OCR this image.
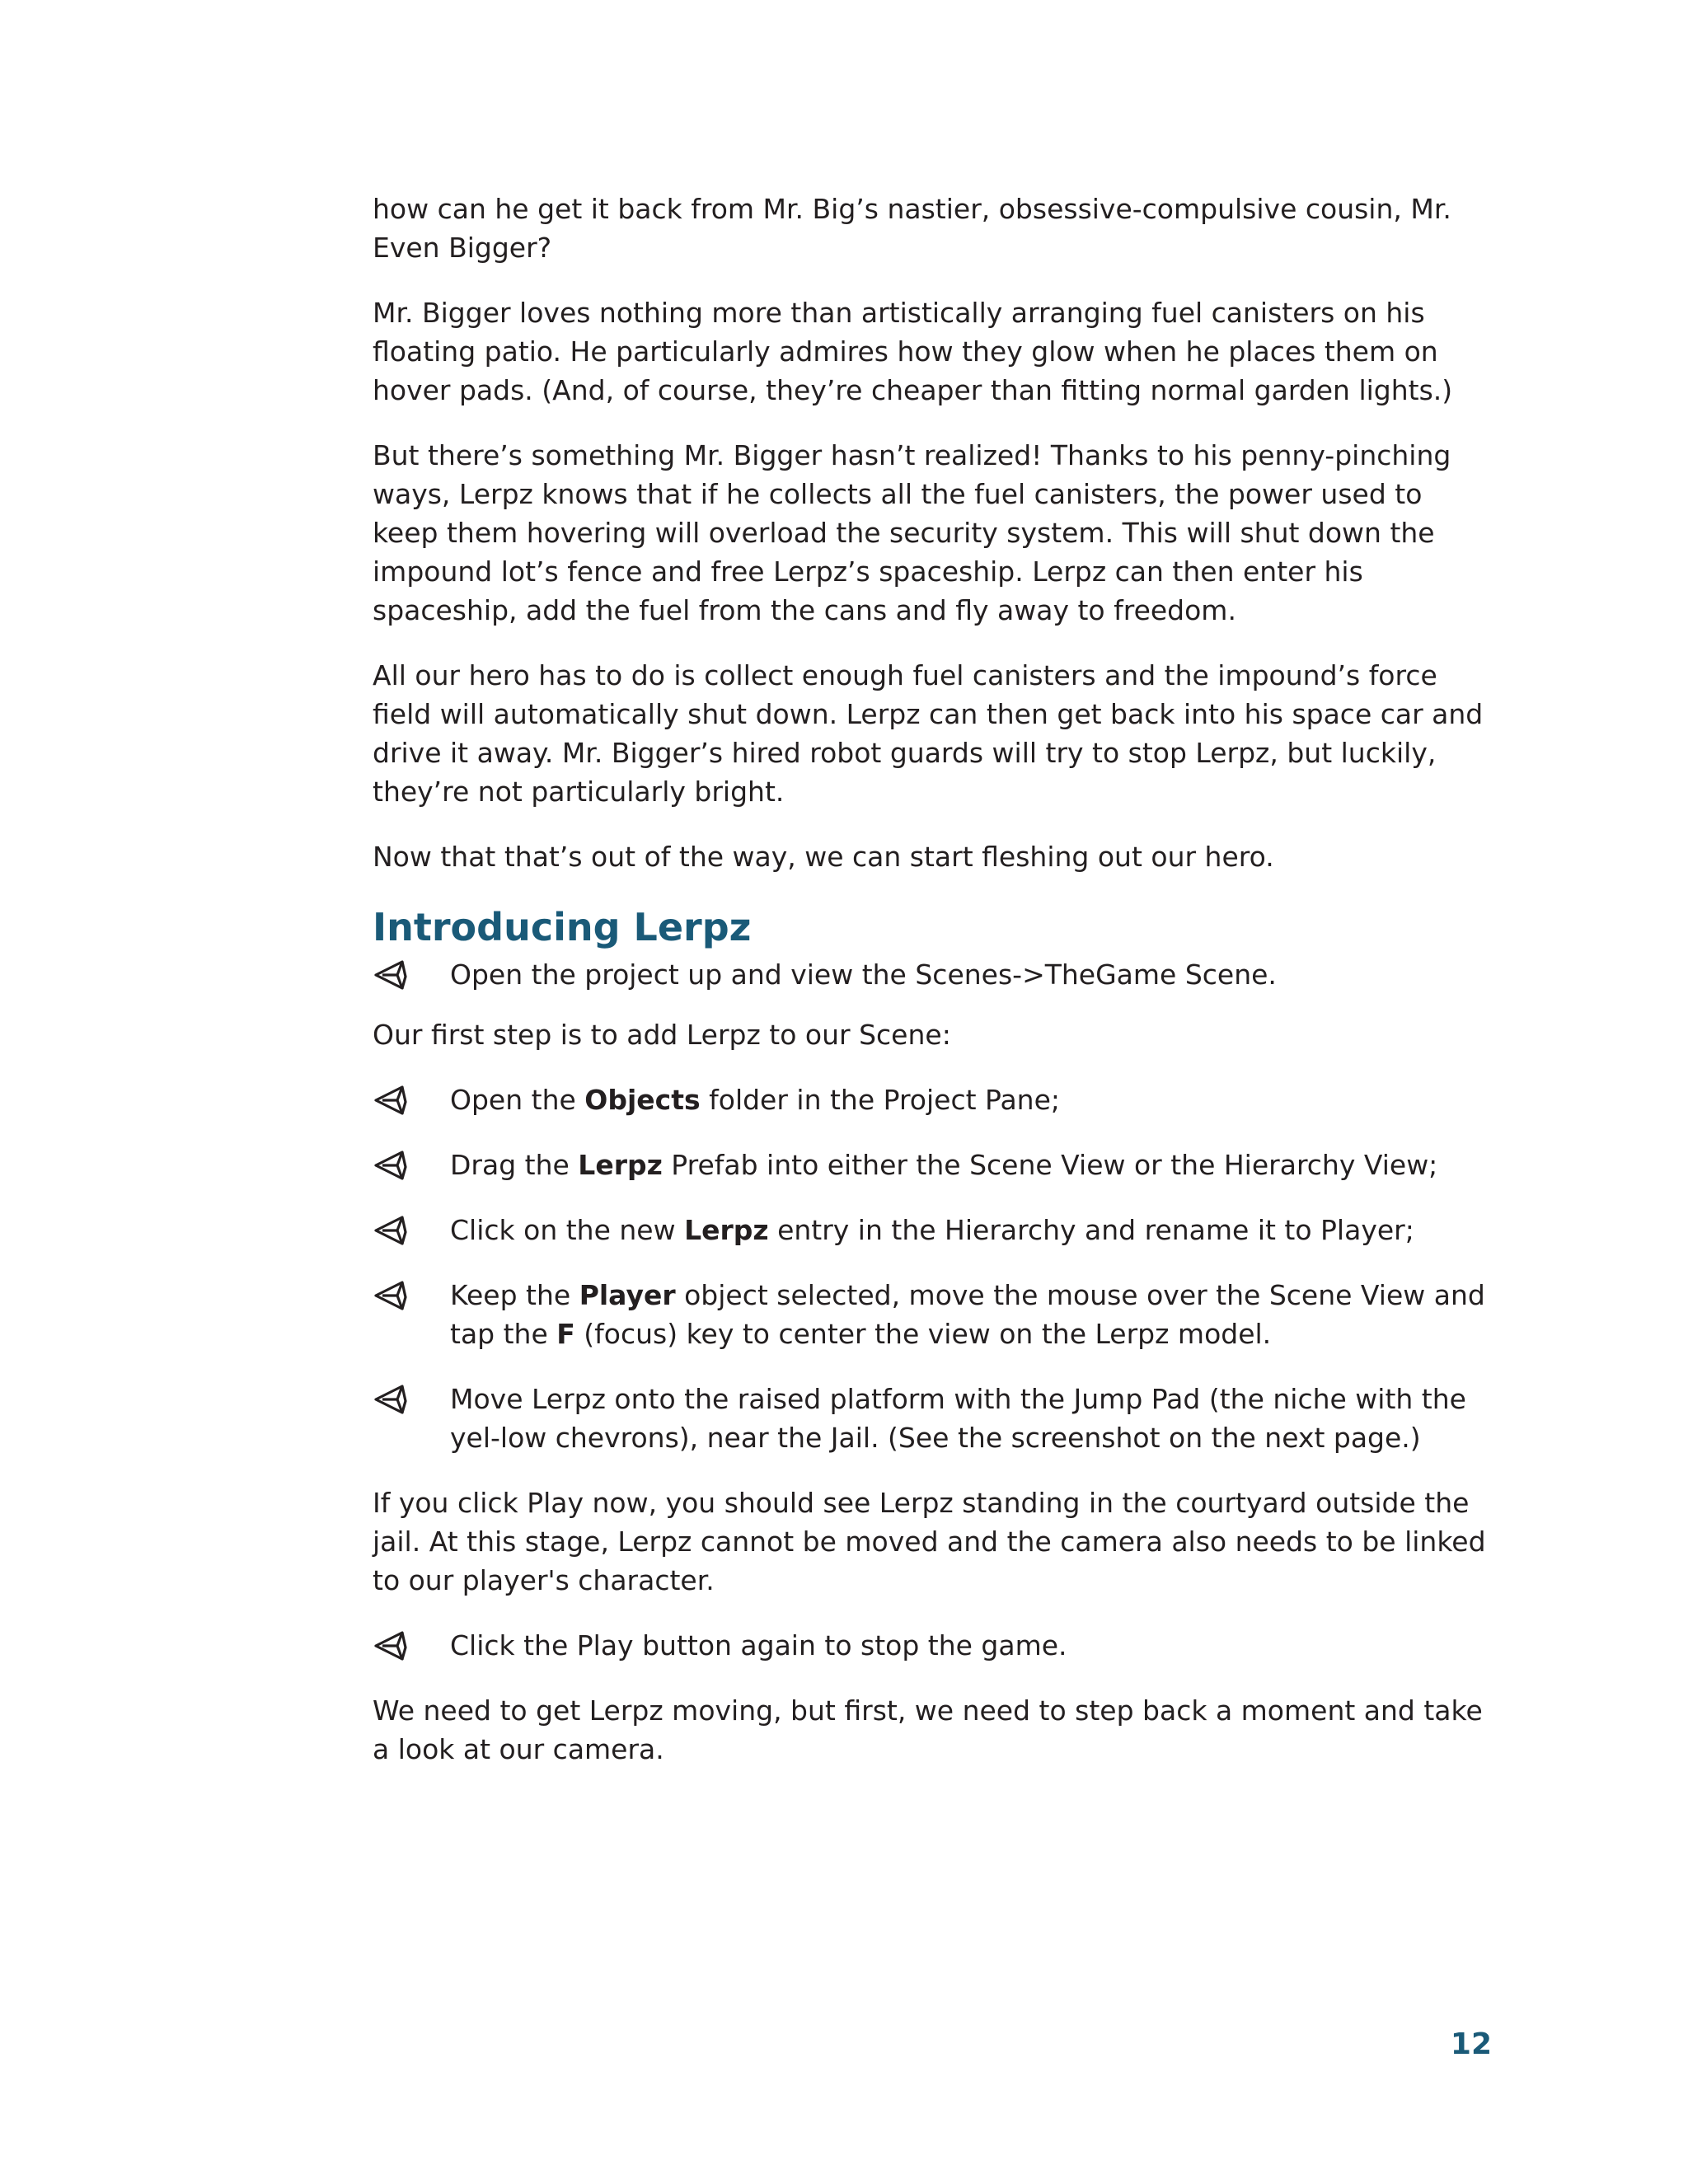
how can he get it back from Mr. Big’s nastier, obsessive-compulsive cousin, Mr. Even Bigger?

Mr. Bigger loves nothing more than artistically arranging fuel canisters on his floating patio. He particularly admires how they glow when he places them on hover pads. (And, of course, they’re cheaper than fitting normal garden lights.)

But there’s something Mr. Bigger hasn’t realized! Thanks to his penny-pinching ways, Lerpz knows that if he collects all the fuel canisters, the power used to keep them hovering will overload the security system. This will shut down the impound lot’s fence and free Lerpz’s spaceship. Lerpz can then enter his spaceship, add the fuel from the cans and fly away to freedom.

All our hero has to do is collect enough fuel canisters and the impound’s force field will automatically shut down. Lerpz can then get back into his space car and drive it away. Mr. Bigger’s hired robot guards will try to stop Lerpz, but luckily, they’re not particularly bright.

Now that that’s out of the way, we can start fleshing out our hero.

Introducing Lerpz
Open the project up and view the Scenes->TheGame Scene.

Our first step is to add Lerpz to our Scene:

Open the Objects folder in the Project Pane;
Drag the Lerpz Prefab into either the Scene View or the Hierarchy View;
Click on the new Lerpz entry in the Hierarchy and rename it to Player;
Keep the Player object selected, move the mouse over the Scene View and tap the F (focus) key to center the view on the Lerpz model.
Move Lerpz onto the raised platform with the Jump Pad (the niche with the yel-low chevrons), near the Jail. (See the screenshot on the next page.)

If you click Play now, you should see Lerpz standing in the courtyard outside the jail. At this stage, Lerpz cannot be moved and the camera also needs to be linked to our player's character.

Click the Play button again to stop the game.

We need to get Lerpz moving, but first, we need to step back a moment and take a look at our camera.

12
